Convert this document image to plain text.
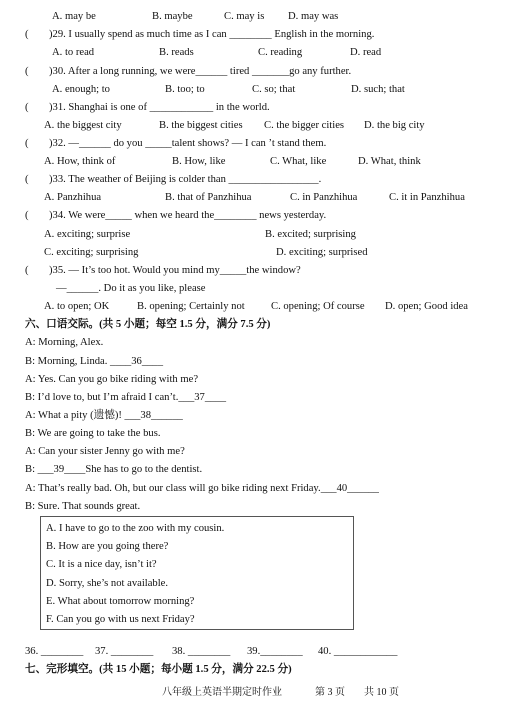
A. may be	B. maybe	C. may is D. may was
( )29. I usually spend as much time as I can ________ English in the morning.
A. to read	B. reads	C. reading	D. read
( )30. After a long running, we were______ tired _______go any further.
A. enough; to	B. too; to	C. so; that	D. such; that
( )31. Shanghai is one of ____________ in the world.
A. the biggest city	B. the biggest cities C. the bigger cities D. the big city
( )32. —______ do you _____talent shows? — I can ’t stand them.
A. How, think of	B. How, like	C. What, like	D. What, think
( )33. The weather of Beijing is colder than _________________.
A. Panzhihua	B. that of Panzhihua	C. in Panzhihua	C. it in Panzhihua
( )34. We were_____ when we heard the________ news yesterday.
A. exciting; surprise	B. excited; surprising
C. exciting; surprising	D. exciting; surprised
( )35. — It’s too hot. Would you mind my_____the window?
—______. Do it as you like, please
A. to open; OK	B. opening; Certainly not C. opening; Of course D. open; Good idea
六、口语交际。(共 5 小题；每空 1.5 分，满分 7.5 分)
A: Morning, Alex.
B: Morning, Linda. ____36____
A: Yes. Can you go bike riding with me?
B: I’d love to, but I’m afraid I can’t.___37____
A: What a pity (遗憾)! ___38______
B: We are going to take the bus.
A: Can your sister Jenny go with me?
B: ___39____She has to go to the dentist.
A: That’s really bad. Oh, but our class will go bike riding next Friday.___40______
B: Sure. That sounds great.
A. I have to go to the zoo with my cousin.
B. How are you going there?
C. It is a nice day, isn’t it?
D. Sorry, she’s not available.
E. What about tomorrow morning?
F. Can you go with us next Friday?
36. ________ 37. ________ 38. ________ 39.________ 40. ____________
七、完形填空。(共 15 小题；每小题 1.5 分，满分 22.5 分)
八年级上英语半期定时作业	第 3 页 共 10 页
